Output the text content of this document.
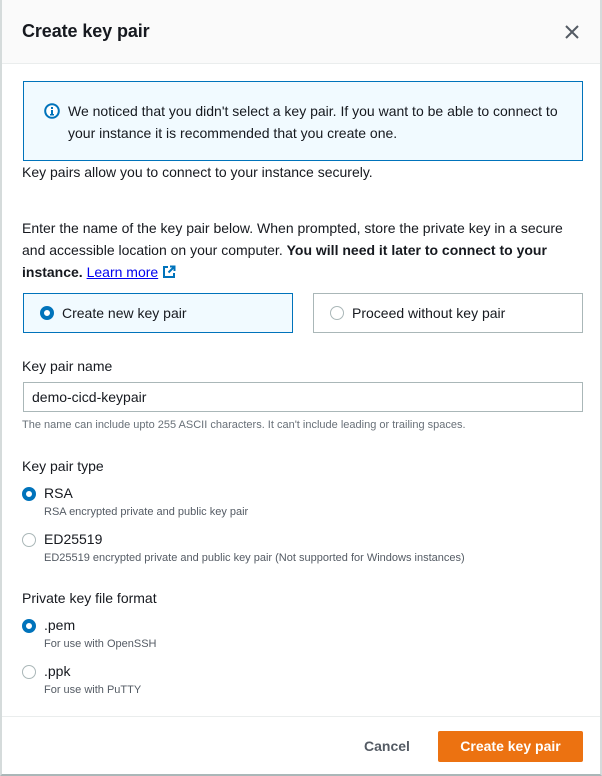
Create key pair
We noticed that you didn't select a key pair. If you want to be able to connect to your instance it is recommended that you create one.
Key pairs allow you to connect to your instance securely.
Enter the name of the key pair below. When prompted, store the private key in a secure and accessible location on your computer. You will need it later to connect to your instance. Learn more
Create new key pair	Proceed without key pair
Key pair name
demo-cicd-keypair
The name can include upto 255 ASCII characters. It can't include leading or trailing spaces.
Key pair type
RSA
RSA encrypted private and public key pair
ED25519
ED25519 encrypted private and public key pair (Not supported for Windows instances)
Private key file format
.pem
For use with OpenSSH
.ppk
For use with PuTTY
Cancel	Create key pair
